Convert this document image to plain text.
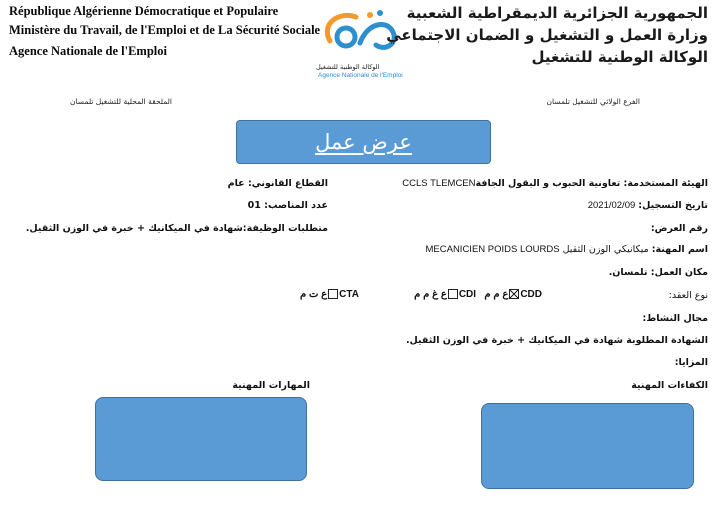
République Algérienne Démocratique et Populaire
Ministère du Travail, de l'Emploi et de La Sécurité Sociale
Agence Nationale de l'Emploi
الوكالة الوطنية للتشغيل
Agence Nationale de l'Emploi
الجمهورية الجزائرية الديمقراطية الشعبية
وزارة العمل و التشغيل و الضمان الاجتماعي
الوكالة الوطنية للتشغيل
الفرع الولائي للتشغيل تلمسان
الملحقة المحلية للتشغيل تلمسان
عرض عمل
الهيئة المستخدمة: تعاونية الحبوب و البقول الجافةCCLS TLEMCEN
تاريخ التسجيل: 2021/02/09
رقم العرض:
اسم المهنة: ميكانيكي الوزن الثقيل MECANICIEN POIDS LOURDS
مكان العمل: تلمسان.
نوع العقد:
ع ت م CTA	ع غ م م CDI ع م م CDD
مجال النشاط:
الشهادة المطلوبة شهادة في الميكانيك + خبرة في الوزن الثقيل.
المزايا:
الكفاءات المهنية
القطاع القانوني: عام
عدد المناصب: 01
متطلبات الوظيفة:شهادة في الميكانيك + خبرة في الوزن الثقيل.
المهارات المهنية
